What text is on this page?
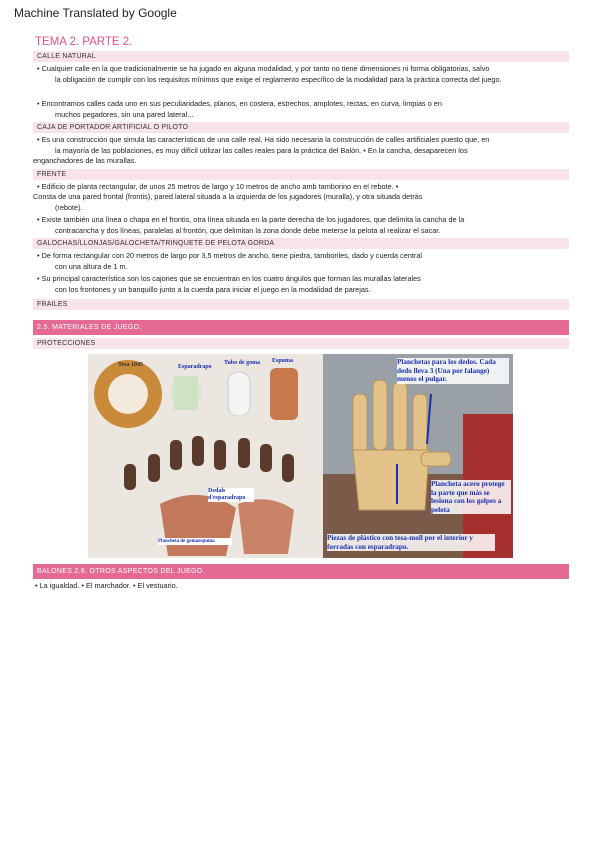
Machine Translated by Google
TEMA 2. PARTE 2.
CALLE NATURAL
• Cualquier calle en la que tradicionalmente se ha jugado en alguna modalidad, y por tanto no tiene dimensiones ni forma obligatorias, salvo
la obligación de cumplir con los requisitos mínimos que exige el reglamento específico de la modalidad para la práctica correcta del juego.
• Encontramos calles cada uno en sus peculiaridades, planos, en costera, estrechos, amplotes, rectas, en curva, limpias o en
muchos pegadores, sin una pared lateral...
CAJA DE PORTADOR ARTIFICIAL O PILOTO
• Es una construcción que simula las características de una calle real. Ha sido necesaria la construcción de calles artificiales puesto que, en
la mayoría de las poblaciones, es muy difícil utilizar las calles reales para la práctica del Balón. • En la cancha, desaparecen los
enganchadores de las murallas.
FRENTE
• Edificio de planta rectangular, de unos 25 metros de largo y 10 metros de ancho amb tamborino en el rebote. •
Consta de una pared frontal (frontis), pared lateral situada a la izquierda de los jugadores (muralla), y otra situada detrás
(rebote).
• Existe también una línea o chapa en el frontis, otra línea situada en la parte derecha de los jugadores, que delimita la cancha de la
contracancha y dos líneas, paralelas al frontón, que delimitan la zona donde debe meterse la pelota al realizar el sacar.
GALOCHAS/LLONJAS/GALOCHETA/TRINQUETE DE PELOTA GORDA
• De forma rectangular con 20 metros de largo por 3,5 metros de ancho, tiene piedra, tamboriles, dado y cuerda central
con una altura de 1 m.
• Su principal característica son los cajones que se encuentran en los cuatro ángulos que forman las murallas laterales
con los frontones y un banquillo junto a la cuerda para iniciar el juego en la modalidad de parejas.
FRAILES
2.5. MATERIALES DE JUEGO.
PROTECCIONES
Tesa 1045	Esparadrapo
Tubo de goma Espuma
Dedals d'esparadrapo
Plancheta de gomaespuma
Planchetas para los dedos. Cada dedo lleva 3 (Una por falange) menos el pulgar.
Plancheta acero protege la parte que más se lesiona con los golpes a pelota
Piezas de plástico con tesa-moll por el interior y forradas con esparadrapo.
BALONES 2.6. OTROS ASPECTOS DEL JUEGO.
• La igualdad. • El marchador. • El vestuario.
